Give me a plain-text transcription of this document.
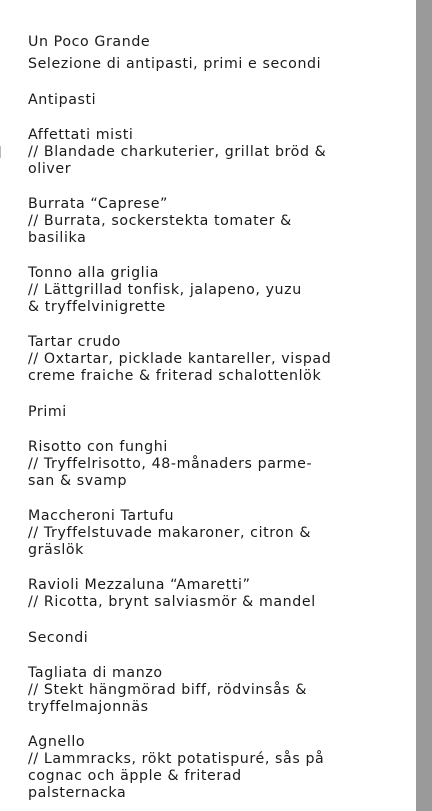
Un Poco Grande
Selezione di antipasti, primi e secondi
Antipasti
Affettati misti
// Blandade charkuterier, grillat bröd &
oliver
Burrata “Caprese”
// Burrata, sockerstekta tomater &
basilika
Tonno alla griglia
// Lättgrillad tonfisk, jalapeno, yuzu
& tryffelvinigrette
Tartar crudo
// Oxtartar, picklade kantareller, vispad
creme fraiche & friterad schalottenlök
Primi
Risotto con funghi
// Tryffelrisotto, 48-månaders parme-
san & svamp
Maccheroni Tartufu
// Tryffelstuvade makaroner, citron &
gräslök
Ravioli Mezzaluna “Amaretti”
// Ricotta, brynt salviasmör & mandel
Secondi
Tagliata di manzo
// Stekt hängmörad biff, rödvinsås &
tryffelmajonnäs
Agnello
// Lammracks, rökt potatispuré, sås på
cognac och äpple & friterad
palsternacka
